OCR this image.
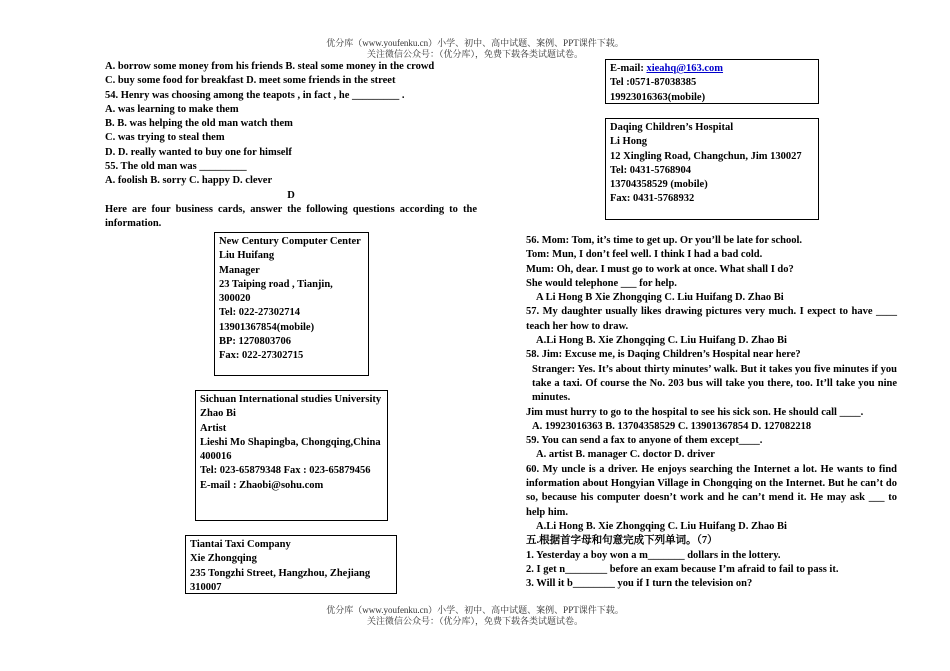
优分库（www.youfenku.cn）小学、初中、高中试题、案例、PPT课件下载。
关注微信公众号：（优分库），免费下载各类试题试卷。

A. borrow some money from his friends B. steal some money in the crowd

C. buy some food for breakfast D. meet some friends in the street

54. Henry was choosing among the teapots , in fact , he _________ .

A. was learning to make them

B. B. was helping the old man watch them

C. was trying to steal them

D. D. really wanted to buy one for himself

55. The old man was _________

A. foolish B. sorry C. happy D. clever

D

Here are four business cards, answer the following questions according to the information.

New Century Computer Center

Liu Huifang

Manager

23 Taiping road , Tianjin, 300020

Tel: 022-27302714

13901367854(mobile)

BP: 1270803706

Fax: 022-27302715

Sichuan International studies University

Zhao Bi

Artist

Lieshi Mo Shapingba, Chongqing,China 400016

Tel: 023-65879348 Fax : 023-65879456

E-mail : Zhaobi@sohu.com

Tiantai Taxi Company

Xie Zhongqing

235 Tongzhi Street, Hangzhou, Zhejiang 310007

E-mail: xieahq@163.com

Tel :0571-87038385

19923016363(mobile)

Daqing Children’s Hospital

Li Hong

12 Xingling Road, Changchun, Jim 130027

Tel: 0431-5768904

13704358529 (mobile)

Fax: 0431-5768932

56. Mom: Tom, it’s time to get up. Or you’ll be late for school.

Tom: Mun, I don’t feel well. I think I had a bad cold.

Mum: Oh, dear. I must go to work at once. What shall I do?

She would telephone ___ for help.

A Li Hong B Xie Zhongqing C. Liu Huifang D. Zhao Bi

57. My daughter usually likes drawing pictures very much. I expect to have ____ teach her how to draw.

A.Li Hong B. Xie Zhongqing C. Liu Huifang D. Zhao Bi

58. Jim: Excuse me, is Daqing Children’s Hospital near here?

Stranger: Yes. It’s about thirty minutes’ walk. But it takes you five minutes if you take a taxi. Of course the No. 203 bus will take you there, too. It’ll take you nine minutes.

Jim must hurry to go to the hospital to see his sick son. He should call ____.

A. 19923016363 B. 13704358529 C. 13901367854 D. 127082218

59. You can send a fax to anyone of them except____.

A. artist B. manager C. doctor D. driver

60. My uncle is a driver. He enjoys searching the Internet a lot. He wants to find information about Hongyian Village in Chongqing on the Internet. But he can’t do so, because his computer doesn’t work and he can’t mend it. He may ask ___ to help him.

A.Li Hong B. Xie Zhongqing C. Liu Huifang D. Zhao Bi

五.根据首字母和句意完成下列单词。（7）

1. Yesterday a boy won a m_______ dollars in the lottery.

2. I get n________ before an exam because I’m afraid to fail to pass it.

3. Will it b________ you if I turn the television on?

优分库（www.youfenku.cn）小学、初中、高中试题、案例、PPT课件下载。
关注微信公众号：（优分库），免费下载各类试题试卷。
